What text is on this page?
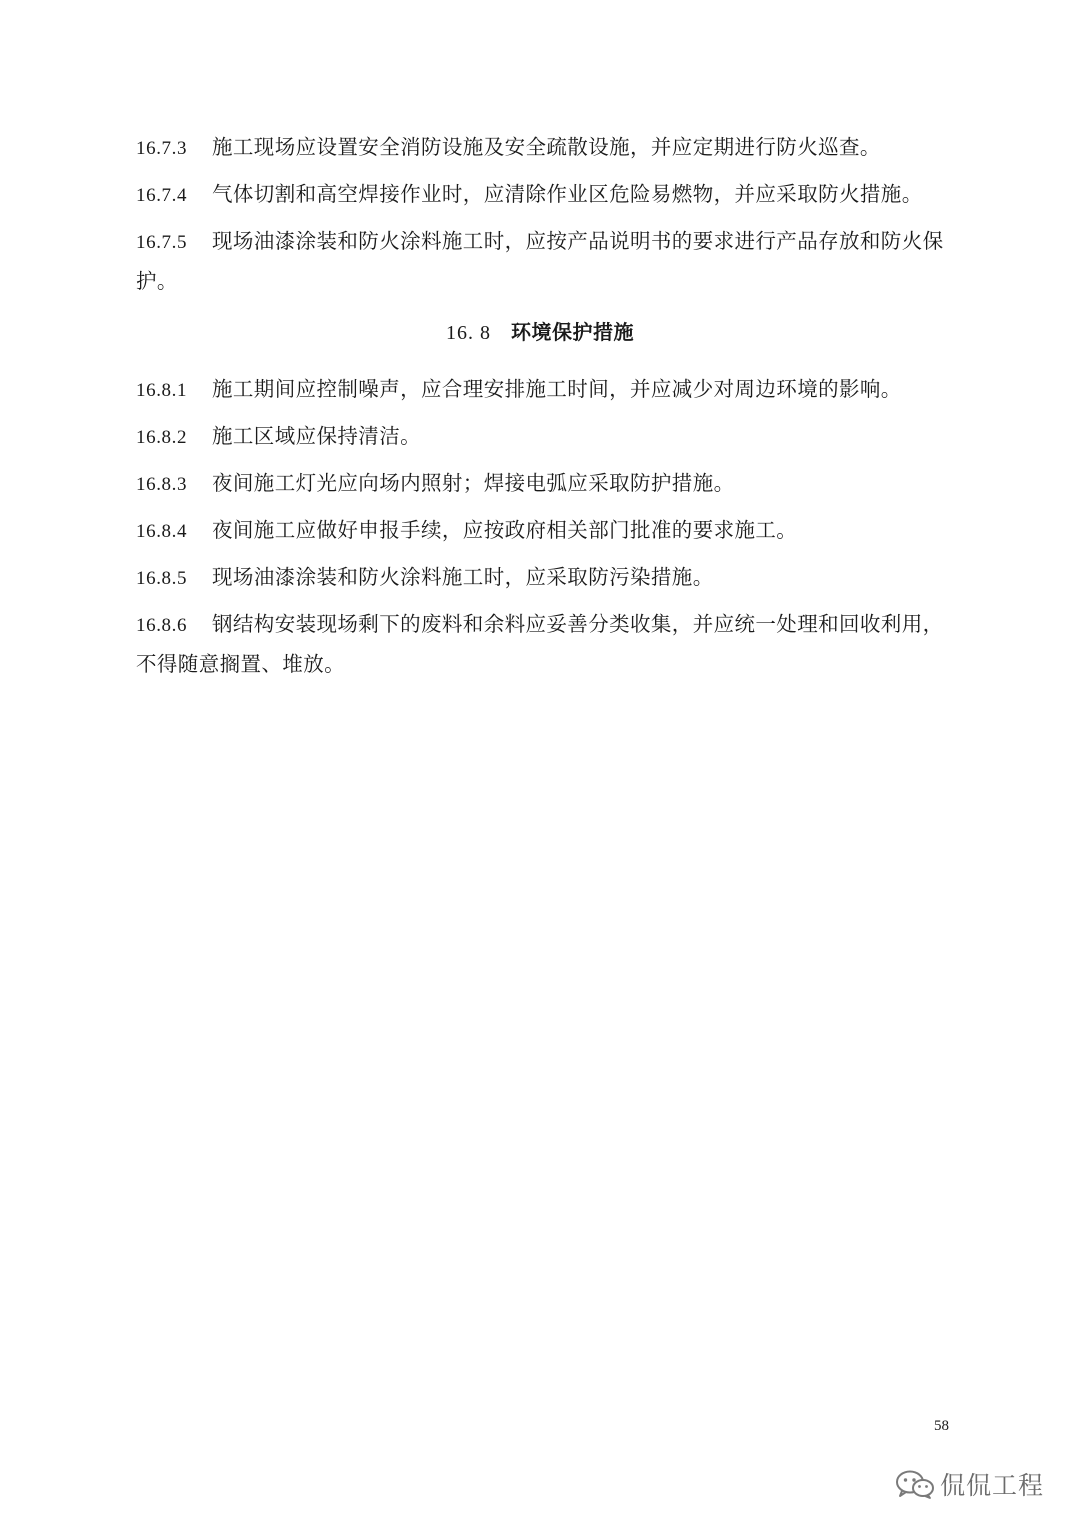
16.7.3 施工现场应设置安全消防设施及安全疏散设施，并应定期进行防火巡查。

16.7.4 气体切割和高空焊接作业时，应清除作业区危险易燃物，并应采取防火措施。

16.7.5 现场油漆涂装和防火涂料施工时，应按产品说明书的要求进行产品存放和防火保护。

16. 8 环境保护措施

16.8.1 施工期间应控制噪声，应合理安排施工时间，并应减少对周边环境的影响。

16.8.2 施工区域应保持清洁。

16.8.3 夜间施工灯光应向场内照射；焊接电弧应采取防护措施。

16.8.4 夜间施工应做好申报手续，应按政府相关部门批准的要求施工。

16.8.5 现场油漆涂装和防火涂料施工时，应采取防污染措施。

16.8.6 钢结构安装现场剩下的废料和余料应妥善分类收集，并应统一处理和回收利用，不得随意搁置、堆放。

58
侃侃工程
